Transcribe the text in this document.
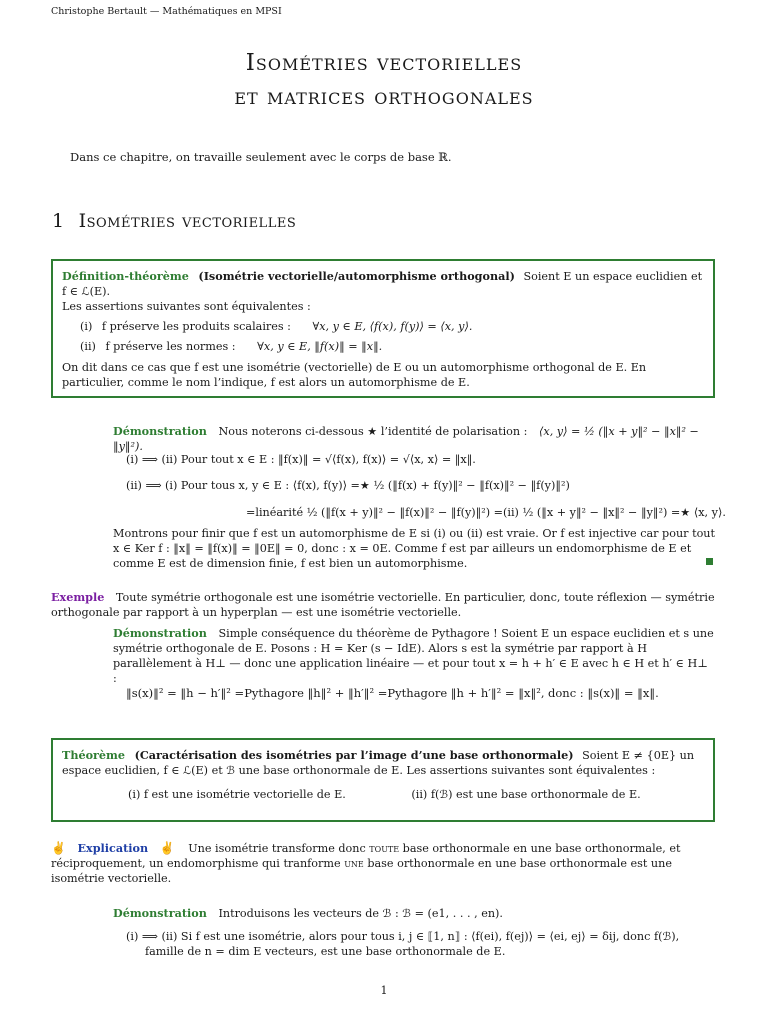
Christophe Bertault — Mathématiques en MPSI
Isométries vectorielles
et matrices orthogonales
Dans ce chapitre, on travaille seulement avec le corps de base ℝ.
1 Isométries vectorielles
Définition-théorème (Isométrie vectorielle/automorphisme orthogonal) Soient E un espace euclidien et f ∈ ℒ(E).
Les assertions suivantes sont équivalentes :
(i) f préserve les produits scalaires : ∀x, y ∈ E, ⟨f(x), f(y)⟩ = ⟨x, y⟩.
(ii) f préserve les normes : ∀x, y ∈ E, ‖f(x)‖ = ‖x‖.
On dit dans ce cas que f est une isométrie (vectorielle) de E ou un automorphisme orthogonal de E. En particulier, comme le nom l’indique, f est alors un automorphisme de E.
Démonstration Nous noterons ci-dessous ★ l’identité de polarisation : ⟨x, y⟩ = ½ (‖x + y‖² − ‖x‖² − ‖y‖²).
(i) ⟹ (ii) Pour tout x ∈ E : ‖f(x)‖ = √⟨f(x), f(x)⟩ = √⟨x, x⟩ = ‖x‖.
(ii) ⟹ (i) Pour tous x, y ∈ E : ⟨f(x), f(y)⟩ =★ ½ (‖f(x) + f(y)‖² − ‖f(x)‖² − ‖f(y)‖²)
=linéarité ½ (‖f(x + y)‖² − ‖f(x)‖² − ‖f(y)‖²) =(ii) ½ (‖x + y‖² − ‖x‖² − ‖y‖²) =★ ⟨x, y⟩.
Montrons pour finir que f est un automorphisme de E si (i) ou (ii) est vraie. Or f est injective car pour tout x ∈ Ker f : ‖x‖ = ‖f(x)‖ = ‖0E‖ = 0, donc : x = 0E. Comme f est par ailleurs un endomorphisme de E et comme E est de dimension finie, f est bien un automorphisme.
Exemple Toute symétrie orthogonale est une isométrie vectorielle. En particulier, donc, toute réflexion — symétrie orthogonale par rapport à un hyperplan — est une isométrie vectorielle.
Démonstration Simple conséquence du théorème de Pythagore ! Soient E un espace euclidien et s une symétrie orthogonale de E. Posons : H = Ker (s − IdE). Alors s est la symétrie par rapport à H parallèlement à H⊥ — donc une application linéaire — et pour tout x = h + h′ ∈ E avec h ∈ H et h′ ∈ H⊥ :
‖s(x)‖² = ‖h − h′‖² =Pythagore ‖h‖² + ‖h′‖² =Pythagore ‖h + h′‖² = ‖x‖², donc : ‖s(x)‖ = ‖x‖.
Théorème (Caractérisation des isométries par l’image d’une base orthonormale) Soient E ≠ {0E} un espace euclidien, f ∈ ℒ(E) et ℬ une base orthonormale de E. Les assertions suivantes sont équivalentes :
(i) f est une isométrie vectorielle de E.	(ii) f(ℬ) est une base orthonormale de E.
✌ Explication ✌ Une isométrie transforme donc toute base orthonormale en une base orthonormale, et réciproquement, un endomorphisme qui tranforme une base orthonormale en une base orthonormale est une isométrie vectorielle.
Démonstration Introduisons les vecteurs de ℬ : ℬ = (e1, . . . , en).
(i) ⟹ (ii) Si f est une isométrie, alors pour tous i, j ∈ ⟦1, n⟧ : ⟨f(ei), f(ej)⟩ = ⟨ei, ej⟩ = δij, donc f(ℬ),
famille de n = dim E vecteurs, est une base orthonormale de E.
1
